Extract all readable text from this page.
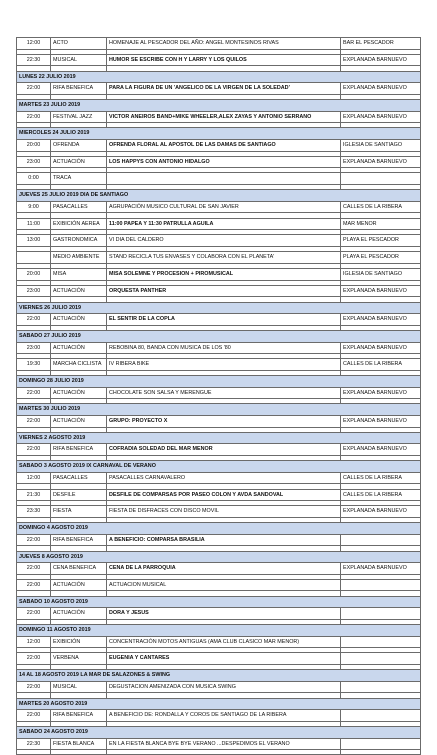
12:00	ACTO	HOMENAJE AL PESCADOR DEL AÑO: ANGEL MONTESINOS RIVAS	BAR EL PESCADOR

22:30	MUSICAL	HUMOR SE ESCRIBE CON H Y LARRY Y LOS QUILOS	EXPLANADA BARNUEVO

LUNES 22 JULIO 2019			
22:00	RIFA BENEFICA	PARA LA FIGURA DE UN 'ANGELICO DE LA VIRGEN DE LA SOLEDAD'	EXPLANADA BARNUEVO

MARTES 23 JULIO 2019			
22:00	FESTIVAL JAZZ	VICTOR ANEIROS BAND+MIKE WHEELER,ALEX ZAYAS Y ANTONIO SERRANO	EXPLANADA BARNUEVO

MIERCOLES 24 JULIO 2019			
20:00	OFRENDA	OFRENDA FLORAL AL APOSTOL DE LAS DAMAS DE SANTIAGO	IGLESIA DE SANTIAGO

23:00	ACTUACIÓN	LOS HAPPYS CON ANTONIO HIDALGO	EXPLANADA BARNUEVO

0:00	TRACA		

JUEVES 25 JULIO 2019 DIA DE SANTIAGO			
9:00	PASACALLES	AGRUPACIÓN MUSICO CULTURAL DE SAN JAVIER	CALLES DE LA RIBERA

11:00	EXIBICIÓN AEREA	11:00 PAPEA Y 11:30 PATRULLA AGUILA	MAR MENOR

13:00	GASTRONOMICA	VI DIA DEL CALDERO	PLAYA EL PESCADOR

	MEDIO AMBIENTE	STAND RECICLA TUS ENVASES Y COLABORA CON EL PLANETA'	PLAYA EL PESCADOR

20:00	MISA	MISA SOLEMNE Y PROCESION + PIROMUSICAL	IGLESIA DE SANTIAGO

23:00	ACTUACIÓN	ORQUESTA PANTHER	EXPLANADA BARNUEVO

VIERNES 26 JULIO 2019			
22:00	ACTUACIÓN	EL SENTIR DE LA COPLA	EXPLANADA BARNUEVO

SABADO 27 JULIO 2019			
23:00	ACTUACIÓN	REBOBINA 80, BANDA CON MUSICA DE LOS '80	EXPLANADA BARNUEVO

19:30	MARCHA CICLISTA	IV RIBERA BIKE	CALLES DE LA RIBERA

DOMINGO 28 JULIO 2019			
22:00	ACTUACIÓN	CHOCOLATE SON SALSA Y MERENGUE	EXPLANADA BARNUEVO

MARTES 30 JULIO 2019			
22:00	ACTUACIÓN	GRUPO: PROYECTO X	EXPLANADA BARNUEVO

VIERNES 2 AGOSTO 2019			
22:00	RIFA BENEFICA	COFRADIA SOLEDAD DEL MAR MENOR	EXPLANADA BARNUEVO

SABADO 3 AGOSTO 2019 IX CARNAVAL DE VERANO			
12:00	PASACALLES	PASACALLES CARNAVALERO	CALLES DE LA RIBERA

21:30	DESFILE	DESFILE DE COMPARSAS POR PASEO COLON Y AVDA SANDOVAL	CALLES DE LA RIBERA

23:30	FIESTA	FIESTA DE DISFRACES CON DISCO MOVIL	EXPLANADA BARNUEVO

DOMINGO 4 AGOSTO 2019			
22:00	RIFA BENEFICA	A BENEFICIO: COMPARSA BRASILIA	

JUEVES 8 AGOSTO 2019			
22:00	CENA BENEFICA	CENA DE LA PARROQUIA	EXPLANADA BARNUEVO

22:00	ACTUACIÓN	ACTUACION MUSICAL	

SABADO 10 AGOSTO 2019			
22:00	ACTUACIÓN	DORA Y JESUS	

DOMINGO 11 AGOSTO 2019			
12:00	EXIBICIÓN	CONCENTRACIÓN MOTOS ANTIGUAS (AMA CLUB CLASICO MAR MENOR)	

22:00	VERBENA	EUGENIA Y CANTARES	

14 AL 18 AGOSTO 2019 LA MAR DE SALAZONES & SWING			
22:00	MUSICAL	DEGUSTACION AMENIZADA CON MUSICA SWING	

MARTES 20 AGOSTO 2019			
22:00	RIFA BENEFICA	A BENEFICIO DE: RONDALLA Y COROS DE SANTIAGO DE LA RIBERA	

SABADO 24 AGOSTO 2019			
22:30	FIESTA BLANCA	EN LA FIESTA BLANCA BYE BYE VERANO ...DESPEDIMOS EL VERANO	
